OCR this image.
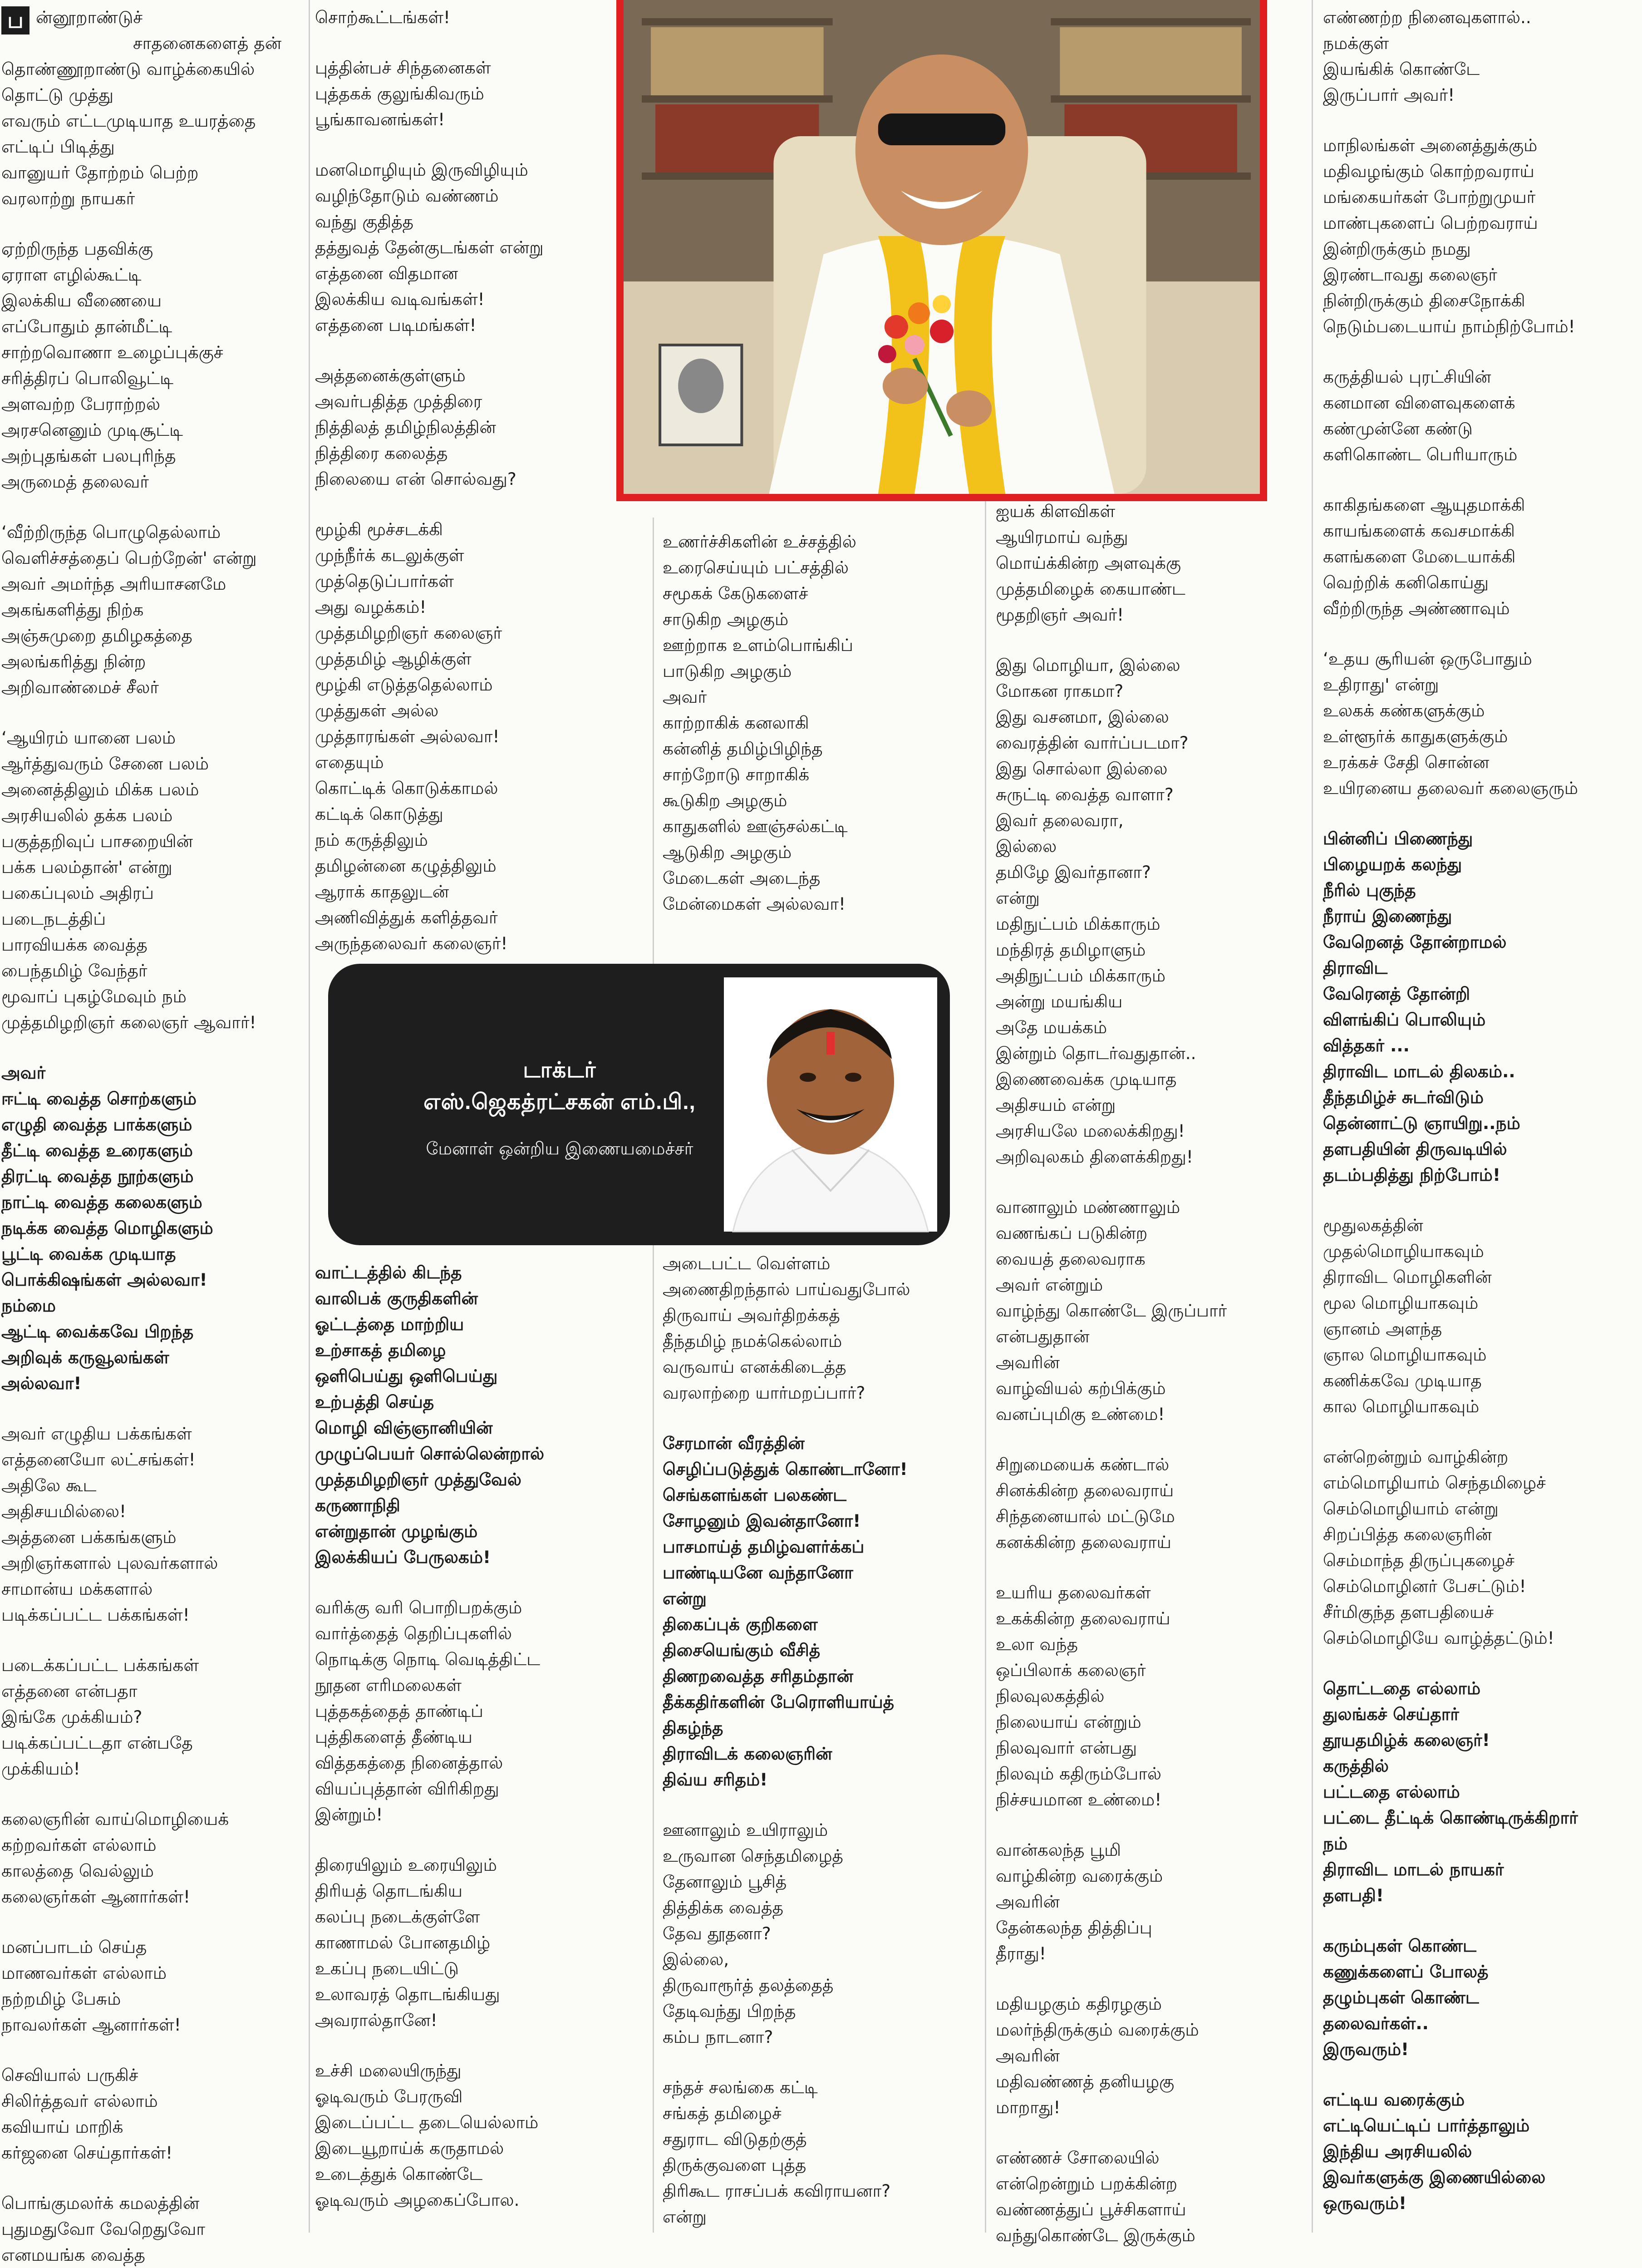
ப ன்னூறாண்டுச்
சாதனைகளைத் தன்
தொண்ணூறாண்டு வாழ்க்கையில்
தொட்டு முத்து
எவரும் எட்டமுடியாத உயரத்தை
எட்டிப் பிடித்து
வானுயர் தோற்றம் பெற்ற
வரலாற்று நாயகர்
ஏற்றிருந்த பதவிக்கு
ஏராள எழில்கூட்டி
இலக்கிய வீணையை
எப்போதும் தான்மீட்டி
சாற்றவொணா உழைப்புக்குச்
சரித்திரப் பொலிவூட்டி
அளவற்ற பேராற்றல்
அரசனெனும் முடிசூட்டி
அற்புதங்கள் பலபுரிந்த
அருமைத் தலைவர்
‘வீற்றிருந்த பொழுதெல்லாம்
வெளிச்சத்தைப் பெற்றேன்' என்று
அவர் அமர்ந்த அரியாசனமே
அகங்களித்து நிற்க
அஞ்சுமுறை தமிழகத்தை
அலங்கரித்து நின்ற
அறிவாண்மைச் சீலர்
‘ஆயிரம் யானை பலம்
ஆர்த்துவரும் சேனை பலம்
அனைத்திலும் மிக்க பலம்
அரசியலில் தக்க பலம்
பகுத்தறிவுப் பாசறையின்
பக்க பலம்தான்' என்று
பகைப்புலம் அதிரப்
படைநடத்திப்
பாரவியக்க வைத்த
பைந்தமிழ் வேந்தர்
மூவாப் புகழ்மேவும் நம்
முத்தமிழறிஞர் கலைஞர் ஆவார்!
அவர்
ஈட்டி வைத்த சொற்களும்
எழுதி வைத்த பாக்களும்
தீட்டி வைத்த உரைகளும்
திரட்டி வைத்த நூற்களும்
நாட்டி வைத்த கலைகளும்
நடிக்க வைத்த மொழிகளும்
பூட்டி வைக்க முடியாத
பொக்கிஷங்கள் அல்லவா!
நம்மை
ஆட்டி வைக்கவே பிறந்த
அறிவுக் கருவூலங்கள்
அல்லவா!
அவர் எழுதிய பக்கங்கள்
எத்தனையோ லட்சங்கள்!
அதிலே கூட
அதிசயமில்லை!
அத்தனை பக்கங்களும்
அறிஞர்களால் புலவர்களால்
சாமான்ய மக்களால்
படிக்கப்பட்ட பக்கங்கள்!
படைக்கப்பட்ட பக்கங்கள்
எத்தனை என்பதா
இங்கே முக்கியம்?
படிக்கப்பட்டதா என்பதே
முக்கியம்!
கலைஞரின் வாய்மொழியைக்
கற்றவர்கள் எல்லாம்
காலத்தை வெல்லும்
கலைஞர்கள் ஆனார்கள்!
மனப்பாடம் செய்த
மாணவர்கள் எல்லாம்
நற்றமிழ் பேசும்
நாவலர்கள் ஆனார்கள்!
செவியால் பருகிச்
சிலிர்த்தவர் எல்லாம்
கவியாய் மாறிக்
கர்ஜனை செய்தார்கள்!
பொங்குமலர்க் கமலத்தின்
புதுமதுவோ வேறெதுவோ
எனமயங்க வைத்த
சொற்கூட்டங்கள்!
புத்தின்பச் சிந்தனைகள்
புத்தகக் குலுங்கிவரும்
பூங்காவனங்கள்!
மனமொழியும் இருவிழியும்
வழிந்தோடும் வண்ணம்
வந்து குதித்த
தத்துவத் தேன்குடங்கள் என்று
எத்தனை விதமான
இலக்கிய வடிவங்கள்!
எத்தனை படிமங்கள்!
அத்தனைக்குள்ளும்
அவர்பதித்த முத்திரை
நித்திலத் தமிழ்நிலத்தின்
நித்திரை கலைத்த
நிலையை என் சொல்வது?
மூழ்கி மூச்சடக்கி
முந்நீர்க் கடலுக்குள்
முத்தெடுப்பார்கள்
அது வழக்கம்!
முத்தமிழறிஞர் கலைஞர்
முத்தமிழ் ஆழிக்குள்
மூழ்கி எடுத்ததெல்லாம்
முத்துகள் அல்ல
முத்தாரங்கள் அல்லவா!
எதையும்
கொட்டிக் கொடுக்காமல்
கட்டிக் கொடுத்து
நம் கருத்திலும்
தமிழன்னை கழுத்திலும்
ஆராக் காதலுடன்
அணிவித்துக் களித்தவர்
அருந்தலைவர் கலைஞர்!
வாட்டத்தில் கிடந்த
வாலிபக் குருதிகளின்
ஓட்டத்தை மாற்றிய
உற்சாகத் தமிழை
ஒளிபெய்து ஒளிபெய்து
உற்பத்தி செய்த
மொழி விஞ்ஞானியின்
முழுப்பெயர் சொல்லென்றால்
முத்தமிழறிஞர் முத்துவேல்
கருணாநிதி
என்றுதான் முழங்கும்
இலக்கியப் பேருலகம்!
வரிக்கு வரி பொறிபறக்கும்
வார்த்தைத் தெறிப்புகளில்
நொடிக்கு நொடி வெடித்திட்ட
நூதன எரிமலைகள்
புத்தகத்தைத் தாண்டிப்
புத்திகளைத் தீண்டிய
வித்தகத்தை நினைத்தால்
வியப்புத்தான் விரிகிறது
இன்றும்!
திரையிலும் உரையிலும்
திரியத் தொடங்கிய
கலப்பு நடைக்குள்ளே
காணாமல் போனதமிழ்
உகப்பு நடையிட்டு
உலாவரத் தொடங்கியது
அவரால்தானே!
உச்சி மலையிருந்து
ஓடிவரும் பேரருவி
இடைப்பட்ட தடையெல்லாம்
இடையூறாய்க் கருதாமல்
உடைத்துக் கொண்டே
ஓடிவரும் அழகைப்போல.
உணர்ச்சிகளின் உச்சத்தில்
உரைசெய்யும் பட்சத்தில்
சமூகக் கேடுகளைச்
சாடுகிற அழகும்
ஊற்றாக உளம்பொங்கிப்
பாடுகிற அழகும்
அவர்
காற்றாகிக் கனலாகி
கன்னித் தமிழ்பிழிந்த
சாற்றோடு சாறாகிக்
கூடுகிற அழகும்
காதுகளில் ஊஞ்சல்கட்டி
ஆடுகிற அழகும்
மேடைகள் அடைந்த
மேன்மைகள் அல்லவா!
அடைபட்ட வெள்ளம்
அணைதிறந்தால் பாய்வதுபோல்
திருவாய் அவர்திறக்கத்
தீந்தமிழ் நமக்கெல்லாம்
வருவாய் எனக்கிடைத்த
வரலாற்றை யார்மறப்பார்?
சேரமான் வீரத்தின்
செழிப்படுத்துக் கொண்டானோ!
செங்களங்கள் பலகண்ட
சோழனும் இவன்தானோ!
பாசமாய்த் தமிழ்வளர்க்கப்
பாண்டியனே வந்தானோ
என்று
திகைப்புக் குறிகளை
திசையெங்கும் வீசித்
திணறவைத்த சரிதம்தான்
தீக்கதிர்களின் பேரொளியாய்த்
திகழ்ந்த
திராவிடக் கலைஞரின்
திவ்ய சரிதம்!
ஊனாலும் உயிராலும்
உருவான செந்தமிழைத்
தேனாலும் பூசித்
தித்திக்க வைத்த
தேவ தூதனா?
இல்லை,
திருவாரூர்த் தலத்தைத்
தேடிவந்து பிறந்த
கம்ப நாடனா?
சந்தச் சலங்கை கட்டி
சங்கத் தமிழைச்
சதுராட விடுதற்குத்
திருக்குவளை புத்த
திரிகூட ராசப்பக் கவிராயனா?
என்று
ஐயக் கிளவிகள்
ஆயிரமாய் வந்து
மொய்க்கின்ற அளவுக்கு
முத்தமிழைக் கையாண்ட
மூதறிஞர் அவர்!
இது மொழியா, இல்லை
மோகன ராகமா?
இது வசனமா, இல்லை
வைரத்தின் வார்ப்படமா?
இது சொல்லா இல்லை
சுருட்டி வைத்த வாளா?
இவர் தலைவரா,
இல்லை
தமிழே இவர்தானா?
என்று
மதிநுட்பம் மிக்காரும்
மந்திரத் தமிழாளும்
அதிநுட்பம் மிக்காரும்
அன்று மயங்கிய
அதே மயக்கம்
இன்றும் தொடர்வதுதான்..
இணைவைக்க முடியாத
அதிசயம் என்று
அரசியலே மலைக்கிறது!
அறிவுலகம் திளைக்கிறது!
வானாலும் மண்ணாலும்
வணங்கப் படுகின்ற
வையத் தலைவராக
அவர் என்றும்
வாழ்ந்து கொண்டே இருப்பார்
என்பதுதான்
அவரின்
வாழ்வியல் கற்பிக்கும்
வனப்புமிகு உண்மை!
சிறுமையைக் கண்டால்
சினக்கின்ற தலைவராய்
சிந்தனையால் மட்டுமே
கனக்கின்ற தலைவராய்
உயரிய தலைவர்கள்
உகக்கின்ற தலைவராய்
உலா வந்த
ஒப்பிலாக் கலைஞர்
நிலவுலகத்தில்
நிலையாய் என்றும்
நிலவுவார் என்பது
நிலவும் கதிரும்போல்
நிச்சயமான உண்மை!
வான்கலந்த பூமி
வாழ்கின்ற வரைக்கும்
அவரின்
தேன்கலந்த தித்திப்பு
தீராது!
மதியழகும் கதிரழகும்
மலர்ந்திருக்கும் வரைக்கும்
அவரின்
மதிவண்ணத் தனியழகு
மாறாது!
எண்ணச் சோலையில்
என்றென்றும் பறக்கின்ற
வண்ணத்துப் பூச்சிகளாய்
வந்துகொண்டே இருக்கும்
எண்ணற்ற நினைவுகளால்..
நமக்குள்
இயங்கிக் கொண்டே
இருப்பார் அவர்!
மாநிலங்கள் அனைத்துக்கும்
மதிவழங்கும் கொற்றவராய்
மங்கையர்கள் போற்றுமுயர்
மாண்புகளைப் பெற்றவராய்
இன்றிருக்கும் நமது
இரண்டாவது கலைஞர்
நின்றிருக்கும் திசைநோக்கி
நெடும்படையாய் நாம்நிற்போம்!
கருத்தியல் புரட்சியின்
கனமான விளைவுகளைக்
கண்முன்னே கண்டு
களிகொண்ட பெரியாரும்
காகிதங்களை ஆயுதமாக்கி
காயங்களைக் கவசமாக்கி
களங்களை மேடையாக்கி
வெற்றிக் கனிகொய்து
வீற்றிருந்த அண்ணாவும்
‘உதய சூரியன் ஒருபோதும்
உதிராது' என்று
உலகக் கண்களுக்கும்
உள்ளூர்க் காதுகளுக்கும்
உரக்கச் சேதி சொன்ன
உயிரனைய தலைவர் கலைஞரும்
பின்னிப் பிணைந்து
பிழையறக் கலந்து
நீரில் புகுந்த
நீராய் இணைந்து
வேறெனத் தோன்றாமல்
திராவிட
வேரெனத் தோன்றி
விளங்கிப் பொலியும்
வித்தகர் ...
திராவிட மாடல் திலகம்..
தீந்தமிழ்ச் சுடர்விடும்
தென்னாட்டு ஞாயிறு..நம்
தளபதியின் திருவடியில்
தடம்பதித்து நிற்போம்!
மூதுலகத்தின்
முதல்மொழியாகவும்
திராவிட மொழிகளின்
மூல மொழியாகவும்
ஞானம் அளந்த
ஞால மொழியாகவும்
கணிக்கவே முடியாத
கால மொழியாகவும்
என்றென்றும் வாழ்கின்ற
எம்மொழியாம் செந்தமிழைச்
செம்மொழியாம் என்று
சிறப்பித்த கலைஞரின்
செம்மாந்த திருப்புகழைச்
செம்மொழினர் பேசட்டும்!
சீர்மிகுந்த தளபதியைச்
செம்மொழியே வாழ்த்தட்டும்!
தொட்டதை எல்லாம்
துலங்கச் செய்தார்
தூயதமிழ்க் கலைஞர்!
கருத்தில்
பட்டதை எல்லாம்
பட்டை தீட்டிக் கொண்டிருக்கிறார்
நம்
திராவிட மாடல் நாயகர்
தளபதி!
கரும்புகள் கொண்ட
கணுக்களைப் போலத்
தழும்புகள் கொண்ட
தலைவர்கள்..
இருவரும்!
எட்டிய வரைக்கும்
எட்டியெட்டிப் பார்த்தாலும்
இந்திய அரசியலில்
இவர்களுக்கு இணையில்லை
ஒருவரும்!
டாக்டர்
எஸ்.ஜெகத்ரட்சகன் எம்.பி.,
மேனாள் ஒன்றிய இணையமைச்சர்
